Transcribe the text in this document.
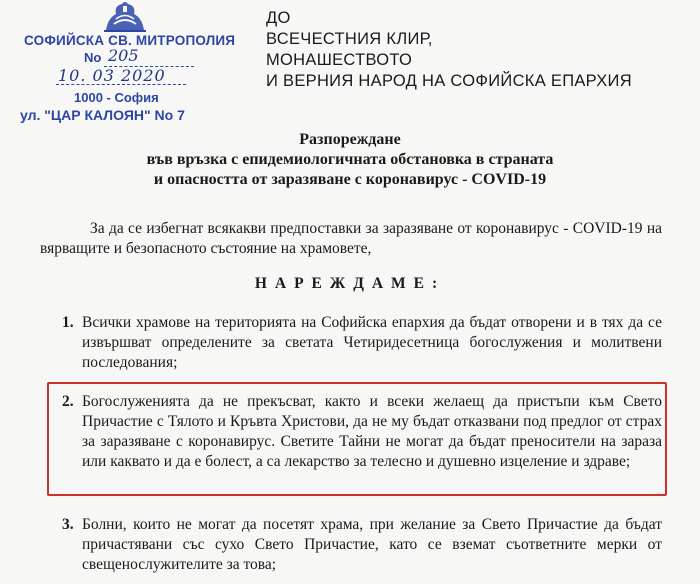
СОФИЙСКА СВ. МИТРОПОЛИЯ
No 205
10. 03 2020
1000 - София
ул. "ЦАР КАЛОЯН" No 7
ДО
ВСЕЧЕСТНИЯ КЛИР,
МОНАШЕСТВОТО
И ВЕРНИЯ НАРОД НА СОФИЙСКА ЕПАРХИЯ
Разпореждане
във връзка с епидемиологичната обстановка в страната
и опасността от заразяване с коронавирус - COVID-19

За да се избегнат всякакви предпоставки за заразяване от коронавирус - COVID-19 на вярващите и безопасното състояние на храмовете,

НАРЕЖДАМЕ:
1. Всички храмове на територията на Софийска епархия да бъдат отворени и в тях да се извършват определените за светата Четиридесетница богослужения и молитвени последования;
2. Богослуженията да не прекъсват, както и всеки желаещ да пристъпи към Свето Причастие с Тялото и Кръвта Христови, да не му бъдат отказвани под предлог от страх за заразяване с коронавирус. Светите Тайни не могат да бъдат преносители на зараза или каквато и да е болест, а са лекарство за телесно и душевно изцеление и здраве;
3. Болни, които не могат да посетят храма, при желание за Свето Причастие да бъдат причастявани със сухо Свето Причастие, като се вземат съответните мерки от свещенослужителите за това;
